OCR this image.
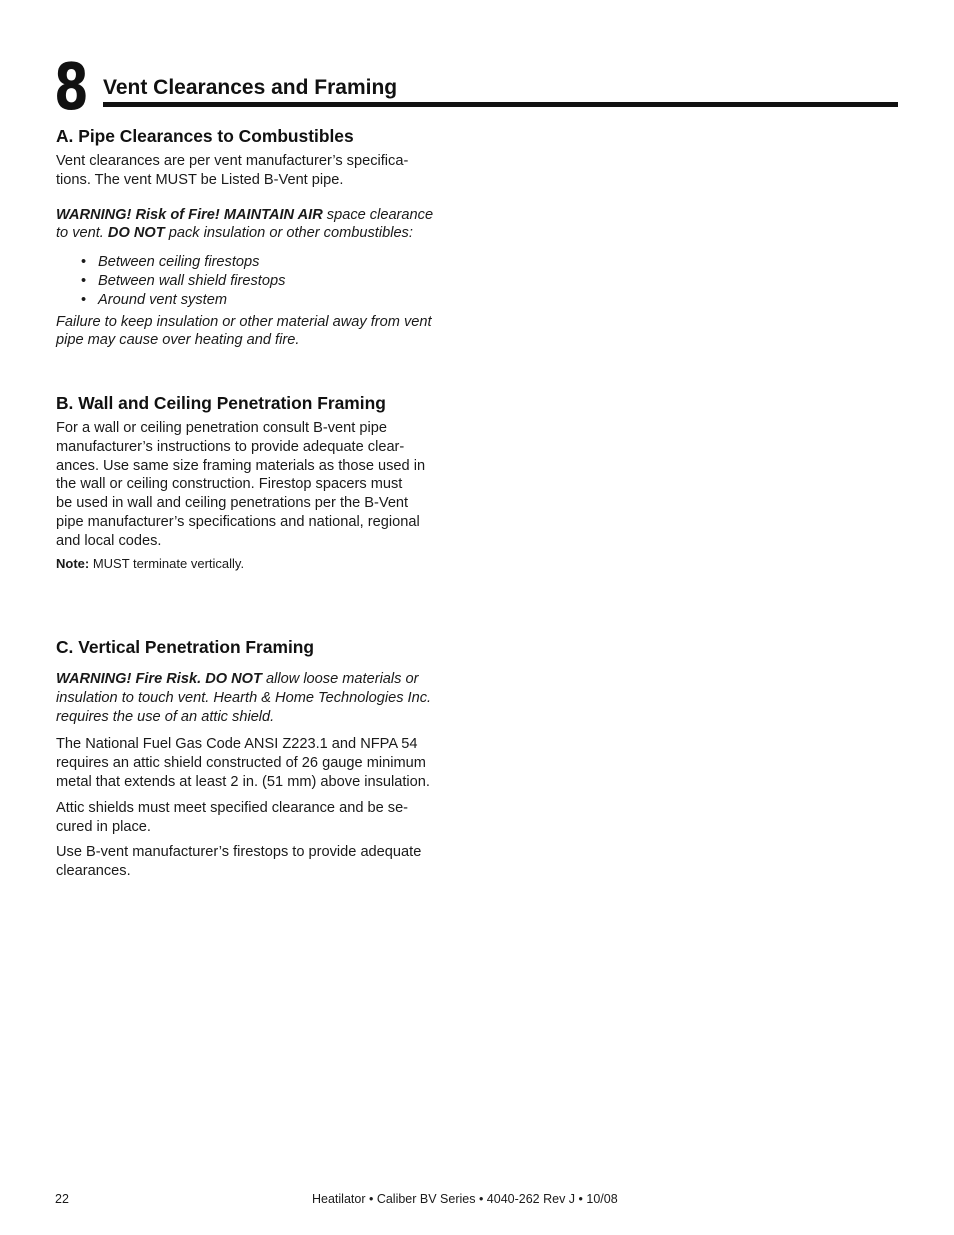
8 Vent Clearances and Framing
A. Pipe Clearances to Combustibles

Vent clearances are per vent manufacturer’s specifica-
tions. The vent MUST be Listed B-Vent pipe.

WARNING! Risk of Fire! MAINTAIN AIR space clearance
to vent. DO NOT pack insulation or other combustibles:

• Between ceiling firestops
• Between wall shield firestops
• Around vent system

Failure to keep insulation or other material away from vent
pipe may cause over heating and fire.

B. Wall and Ceiling Penetration Framing

For a wall or ceiling penetration consult B-vent pipe
manufacturer’s instructions to provide adequate clear-
ances. Use same size framing materials as those used in
the wall or ceiling construction. Firestop spacers must
be used in wall and ceiling penetrations per the B-Vent
pipe manufacturer’s specifications and national, regional
and local codes.

Note: MUST terminate vertically.

C. Vertical Penetration Framing

WARNING! Fire Risk. DO NOT allow loose materials or
insulation to touch vent. Hearth & Home Technologies Inc.
requires the use of an attic shield.

The National Fuel Gas Code ANSI Z223.1 and NFPA 54
requires an attic shield constructed of 26 gauge minimum
metal that extends at least 2 in. (51 mm) above insulation.

Attic shields must meet specified clearance and be se-
cured in place.

Use B-vent manufacturer’s firestops to provide adequate
clearances.

22	Heatilator • Caliber BV Series • 4040-262 Rev J • 10/08
